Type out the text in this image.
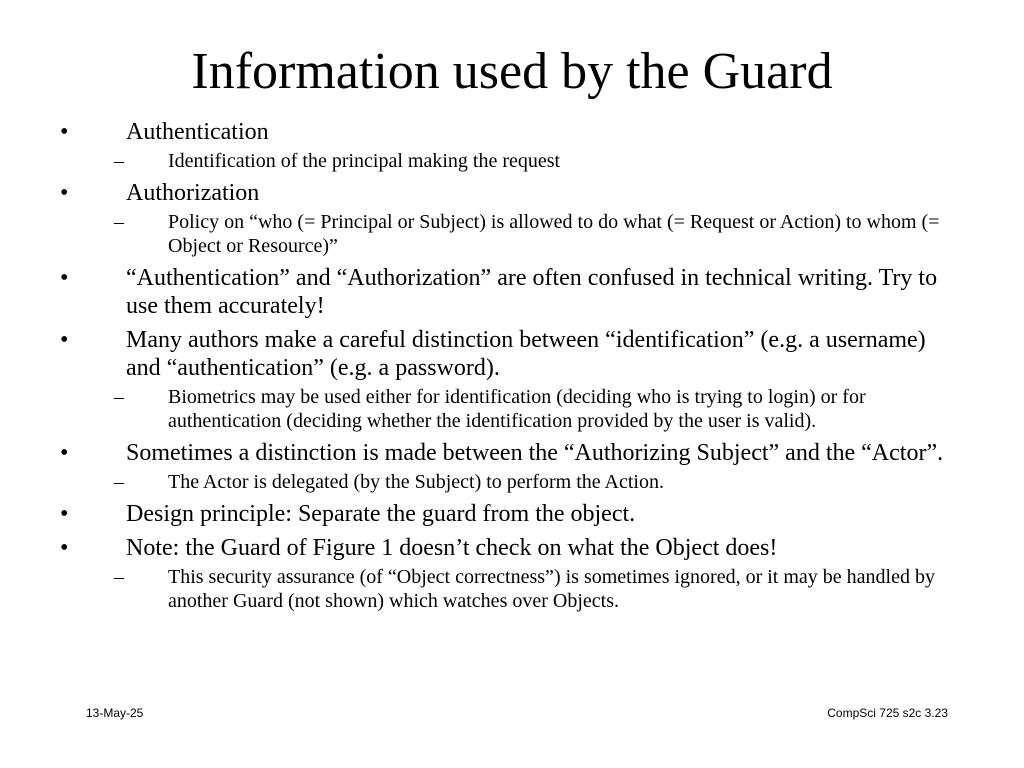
Information used by the Guard
• Authentication
– Identification of the principal making the request
• Authorization
– Policy on “who (= Principal or Subject) is allowed to do what (= Request or Action) to whom (= Object or Resource)”
• “Authentication” and “Authorization” are often confused in technical writing. Try to use them accurately!
• Many authors make a careful distinction between “identification” (e.g. a username) and “authentication” (e.g. a password).
– Biometrics may be used either for identification (deciding who is trying to login) or for authentication (deciding whether the identification provided by the user is valid).
• Sometimes a distinction is made between the “Authorizing Subject” and the “Actor”.
– The Actor is delegated (by the Subject) to perform the Action.
• Design principle: Separate the guard from the object.
• Note: the Guard of Figure 1 doesn’t check on what the Object does!
– This security assurance (of “Object correctness”) is sometimes ignored, or it may be handled by another Guard (not shown) which watches over Objects.
13-May-25	CompSci 725 s2c 3.23
